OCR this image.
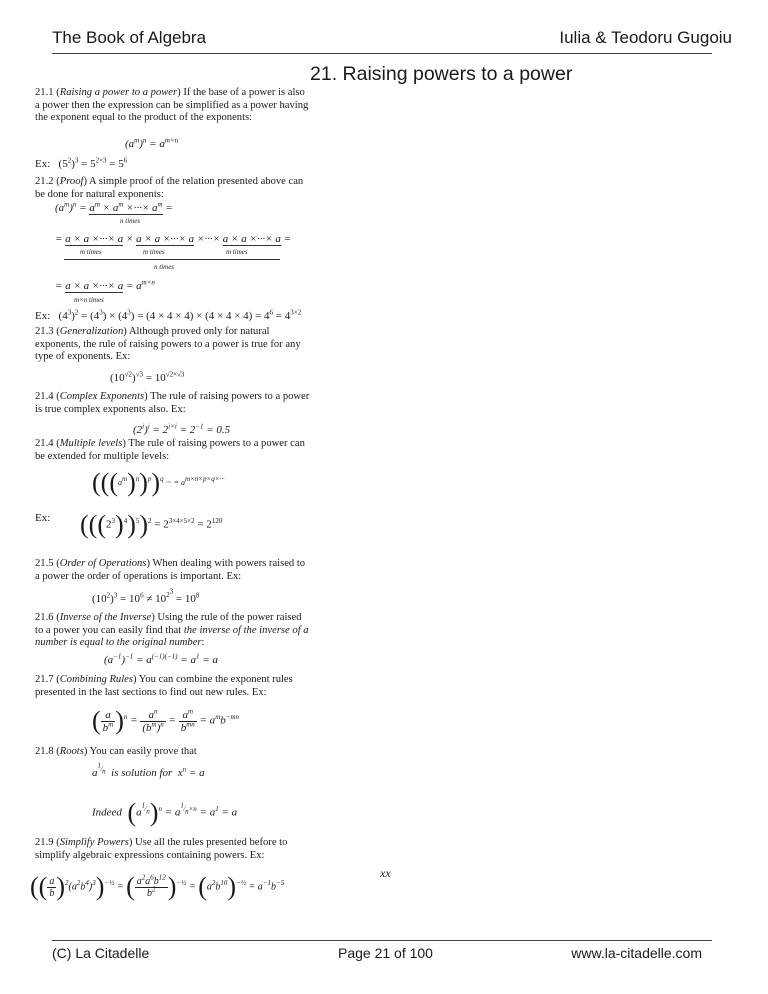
The Book of Algebra	Iulia & Teodoru Gugoiu
21. Raising powers to a power

21.1 (Raising a power to a power) If the base of a power is also a power then the expression can be simplified as a power having the exponent equal to the product of the exponents:

$(a^m)^n = a^{m\times n}$
Ex:   $(5^2)^3 = 5^{2\times 3} = 5^6$
21.2 (Proof) A simple proof of the relation presented above can be done for natural exponents:
$(a^m)^n = a^m \times a^m$ ×···× $a^m$ =
n times
= a × a ×···× a × a × a ×···× a ×···× a × a ×···× a =
m times	m times	m times
n times
= a × a ×···× $a = a^{m\times n}$
m×n times
Ex:   $(4^3)^2 = (4^3) \times (4^3) = (4 \times 4 \times 4) \times (4 \times 4 \times 4) = 4^6 = 4^{3\times 2}$
21.3 (Generalization) Although proved only for natural exponents, the rule of raising powers to a power is true for any type of exponents. Ex:
$(10^{√2})^{√3} = 10^{√2\times√3}$
21.4 (Complex Exponents) The rule of raising powers to a power is true complex exponents also. Ex:
$(2^i)^i = 2^{i\times i} = 2^{-1} = 0.5$
21.4 (Multiple levels) The rule of raising powers to a power can be extended for multiple levels:
$(((a^m)^n)^p)^q$ ··· = $a^{m\times n\times p\times q\times\cdot\cdot\cdot}$
Ex: $(((2^3)^4)^5)^2 = 2^{3\times 4\times 5\times 2} = 2^{120}$
21.5 (Order of Operations) When dealing with powers raised to a power the order of operations is important. Ex:
$(10^2)^3 = 10^6 \ne 10^{2^3} = 10^8$
21.6 (Inverse of the Inverse) Using the rule of the power raised to a power you can easily find that the inverse of the inverse of a number is equal to the original number:
$(a^{-1})^{-1} = a^{(-1)(-1)} = a^1 = a$
21.7 (Combining Rules) You can combine the exponent rules presented in the last sections to find out new rules. Ex:
( $\frac{a}{b^m} )^n = \frac{a^n}{(b^m)^n} = \frac{a^m}{b^{mn}} = a^mb^{-mn}$
21.8 (Roots) You can easily prove that
$a^{^1⁄_n}$ is solution for  $x^n = a$
Indeed $(a^{^1⁄_n})^n = a^{^1⁄_n\times n} = a^1 = a$
21.9 (Simplify Powers) Use all the rules presented before to simplify algebraic expressions containing powers. Ex:
(( $\frac{a}{b} )^2(a^2b^4)^3)^{-\frac{1}{2}}$ = ( $\frac{a^2a^6b^{12}}{b^2} )^{-\frac{1}{2}} = (a^2b^{10})^{-\frac{1}{2}} = a^{-1}b^{-5}$
xx
(C) La Citadelle	Page 21 of 100	www.la-citadelle.com
